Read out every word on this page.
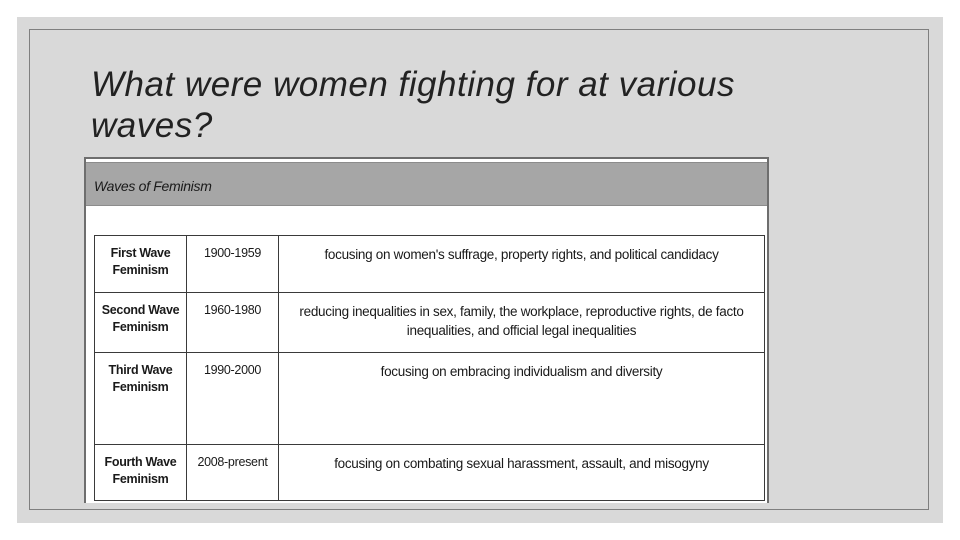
What were women fighting for at various waves?
Waves of Feminism
First Wave Feminism	1900-1959	focusing on women's suffrage, property rights, and political candidacy
Second Wave Feminism	1960-1980	reducing inequalities in sex, family, the workplace, reproductive rights, de facto inequalities, and official legal inequalities
Third Wave Feminism	1990-2000	focusing on embracing individualism and diversity
Fourth Wave Feminism	2008-present	focusing on combating sexual harassment, assault, and misogyny
